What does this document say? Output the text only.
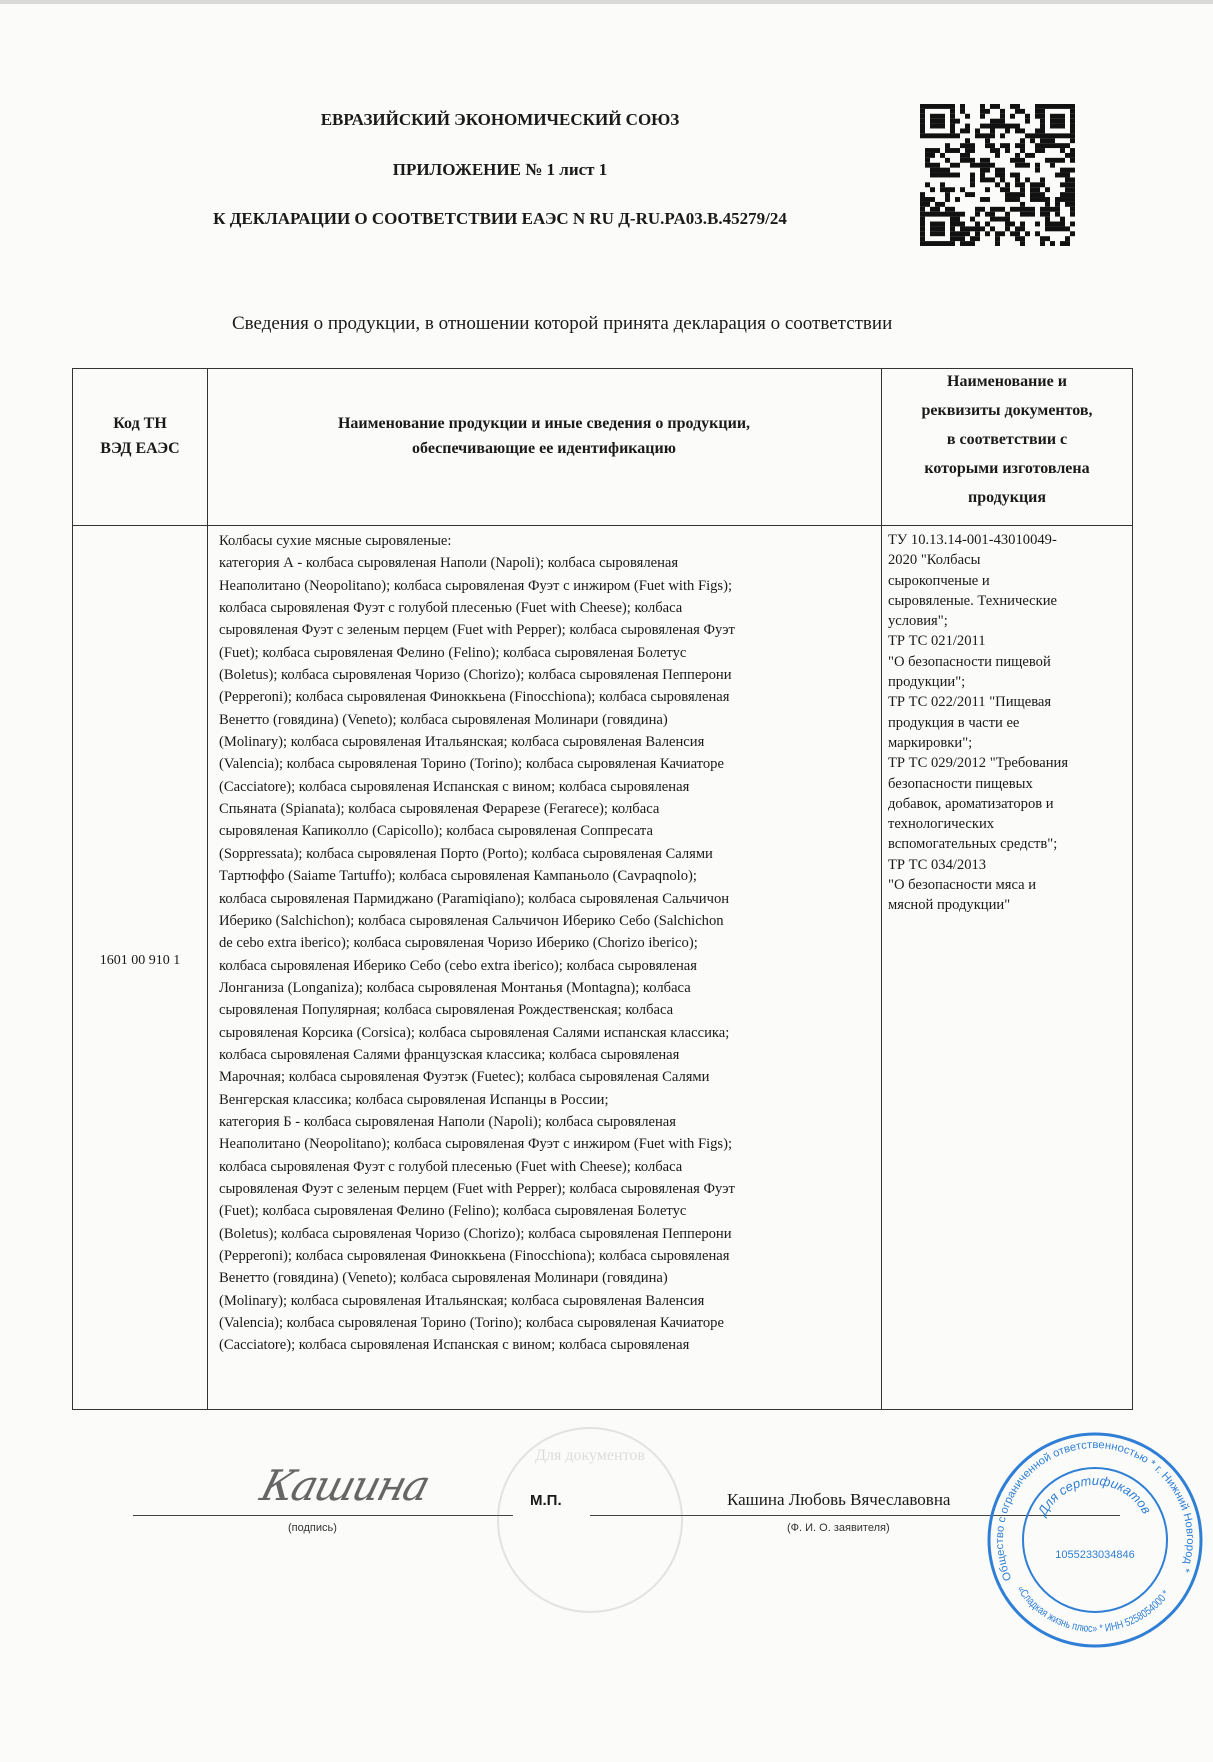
ЕВРАЗИЙСКИЙ ЭКОНОМИЧЕСКИЙ СОЮЗ
ПРИЛОЖЕНИЕ № 1 лист 1
К ДЕКЛАРАЦИИ О СООТВЕТСТВИИ ЕАЭС N RU Д-RU.PA03.B.45279/24
Сведения о продукции, в отношении которой принята декларация о соответствии
Код ТН
ВЭД ЕАЭС
Наименование продукции и иные сведения о продукции,
обеспечивающие ее идентификацию
Наименование и
реквизиты документов,
в соответствии с
которыми изготовлена
продукция
1601 00 910 1
Колбасы сухие мясные сыровяленые:
категория А - колбаса сыровяленая Наполи (Napoli); колбаса сыровяленая
Неаполитано (Neopolitano); колбаса сыровяленая Фуэт с инжиром (Fuet with Figs);
колбаса сыровяленая Фуэт с голубой плесенью (Fuet with Cheese); колбаса
сыровяленая Фуэт с зеленым перцем (Fuet with Pepper); колбаса сыровяленая Фуэт
(Fuet); колбаса сыровяленая Фелино (Felino); колбаса сыровяленая Болетус
(Boletus); колбаса сыровяленая Чоризо (Chorizo); колбаса сыровяленая Пепперони
(Pepperoni); колбаса сыровяленая Финоккьена (Finocchiona); колбаса сыровяленая
Венетто (говядина) (Veneto); колбаса сыровяленая Молинари (говядина)
(Molinary); колбаса сыровяленая Итальянская; колбаса сыровяленая Валенсия
(Valencia); колбаса сыровяленая Торино (Torino); колбаса сыровяленая Качиаторе
(Cacciatore); колбаса сыровяленая Испанская с вином; колбаса сыровяленая
Спьяната (Spianata); колбаса сыровяленая Ферарезе (Ferarece); колбаса
сыровяленая Капиколло (Capicollo); колбаса сыровяленая Соппресата
(Soppressata); колбаса сыровяленая Порто (Porto); колбаса сыровяленая Салями
Тартюффо (Saiame Tartuffo); колбаса сыровяленая Кампаньоло (Cavpaqnolo);
колбаса сыровяленая Пармиджано (Paramiqiano); колбаса сыровяленая Сальчичон
Иберико (Salchichon); колбаса сыровяленая Сальчичон Иберико Себо (Salchichon
de cebo extra iberico); колбаса сыровяленая Чоризо Иберико (Chorizo iberico);
колбаса сыровяленая Иберико Себо (cebo extra iberico); колбаса сыровяленая
Лонганиза (Longaniza); колбаса сыровяленая Монтанья (Montagna); колбаса
сыровяленая Популярная; колбаса сыровяленая Рождественская; колбаса
сыровяленая Корсика (Corsica); колбаса сыровяленая Салями испанская классика;
колбаса сыровяленая Салями французская классика; колбаса сыровяленая
Марочная; колбаса сыровяленая Фуэтэк (Fuetec); колбаса сыровяленая Салями
Венгерская классика; колбаса сыровяленая Испанцы в России;
категория Б - колбаса сыровяленая Наполи (Napoli); колбаса сыровяленая
Неаполитано (Neopolitano); колбаса сыровяленая Фуэт с инжиром (Fuet with Figs);
колбаса сыровяленая Фуэт с голубой плесенью (Fuet with Cheese); колбаса
сыровяленая Фуэт с зеленым перцем (Fuet with Pepper); колбаса сыровяленая Фуэт
(Fuet); колбаса сыровяленая Фелино (Felino); колбаса сыровяленая Болетус
(Boletus); колбаса сыровяленая Чоризо (Chorizo); колбаса сыровяленая Пепперони
(Pepperoni); колбаса сыровяленая Финоккьена (Finocchiona); колбаса сыровяленая
Венетто (говядина) (Veneto); колбаса сыровяленая Молинари (говядина)
(Molinary); колбаса сыровяленая Итальянская; колбаса сыровяленая Валенсия
(Valencia); колбаса сыровяленая Торино (Torino); колбаса сыровяленая Качиаторе
(Cacciatore); колбаса сыровяленая Испанская с вином; колбаса сыровяленая
ТУ 10.13.14-001-43010049-
2020 "Колбасы
сырокопченые и
сыровяленые. Технические
условия";
ТР ТС 021/2011
"О безопасности пищевой
продукции";
ТР ТС 022/2011 "Пищевая
продукция в части ее
маркировки";
ТР ТС 029/2012 "Требования
безопасности пищевых
добавок, ароматизаторов и
технологических
вспомогательных средств";
ТР ТС 034/2013
"О безопасности мяса и
мясной продукции"
Кашина
(подпись)
Для документов
М.П.	Кашина Любовь Вячеславовна
(Ф. И. О. заявителя)
Общество с ограниченной ответственностью * г. Нижний Новгород *
«Сладкая жизнь плюс» * ИНН 5258054000 *
Для сертификатов
1055233034846
